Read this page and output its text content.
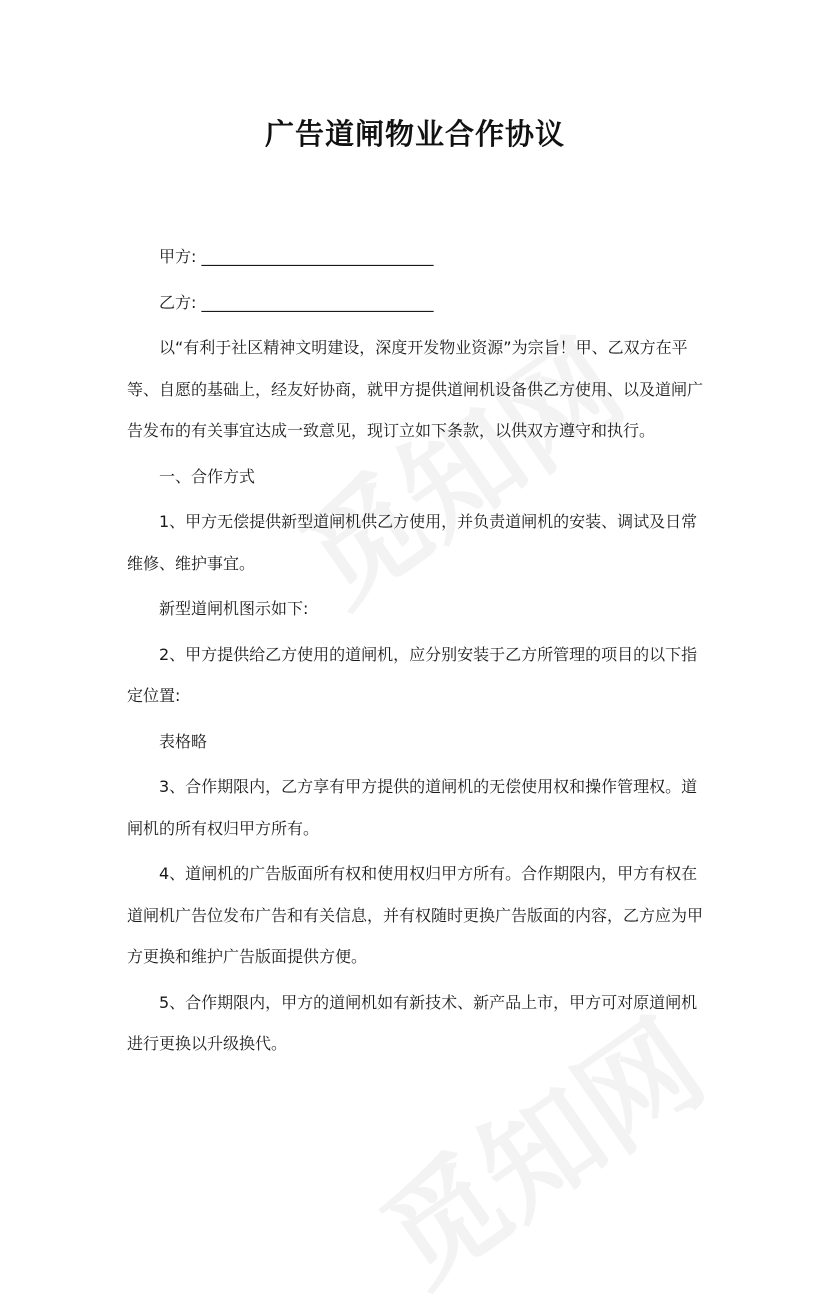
广告道闸物业合作协议

甲方: _____________________________

乙方: _____________________________

以“有利于社区精神文明建设，深度开发物业资源”为宗旨！甲、乙双方在平等、自愿的基础上，经友好协商，就甲方提供道闸机设备供乙方使用、以及道闸广告发布的有关事宜达成一致意见，现订立如下条款，以供双方遵守和执行。

一、合作方式

1、甲方无偿提供新型道闸机供乙方使用，并负责道闸机的安装、调试及日常维修、维护事宜。

新型道闸机图示如下:

2、甲方提供给乙方使用的道闸机，应分别安装于乙方所管理的项目的以下指定位置:

表格略

3、合作期限内，乙方享有甲方提供的道闸机的无偿使用权和操作管理权。道闸机的所有权归甲方所有。

4、道闸机的广告版面所有权和使用权归甲方所有。合作期限内，甲方有权在道闸机广告位发布广告和有关信息，并有权随时更换广告版面的内容，乙方应为甲方更换和维护广告版面提供方便。

5、合作期限内，甲方的道闸机如有新技术、新产品上市，甲方可对原道闸机进行更换以升级换代。
